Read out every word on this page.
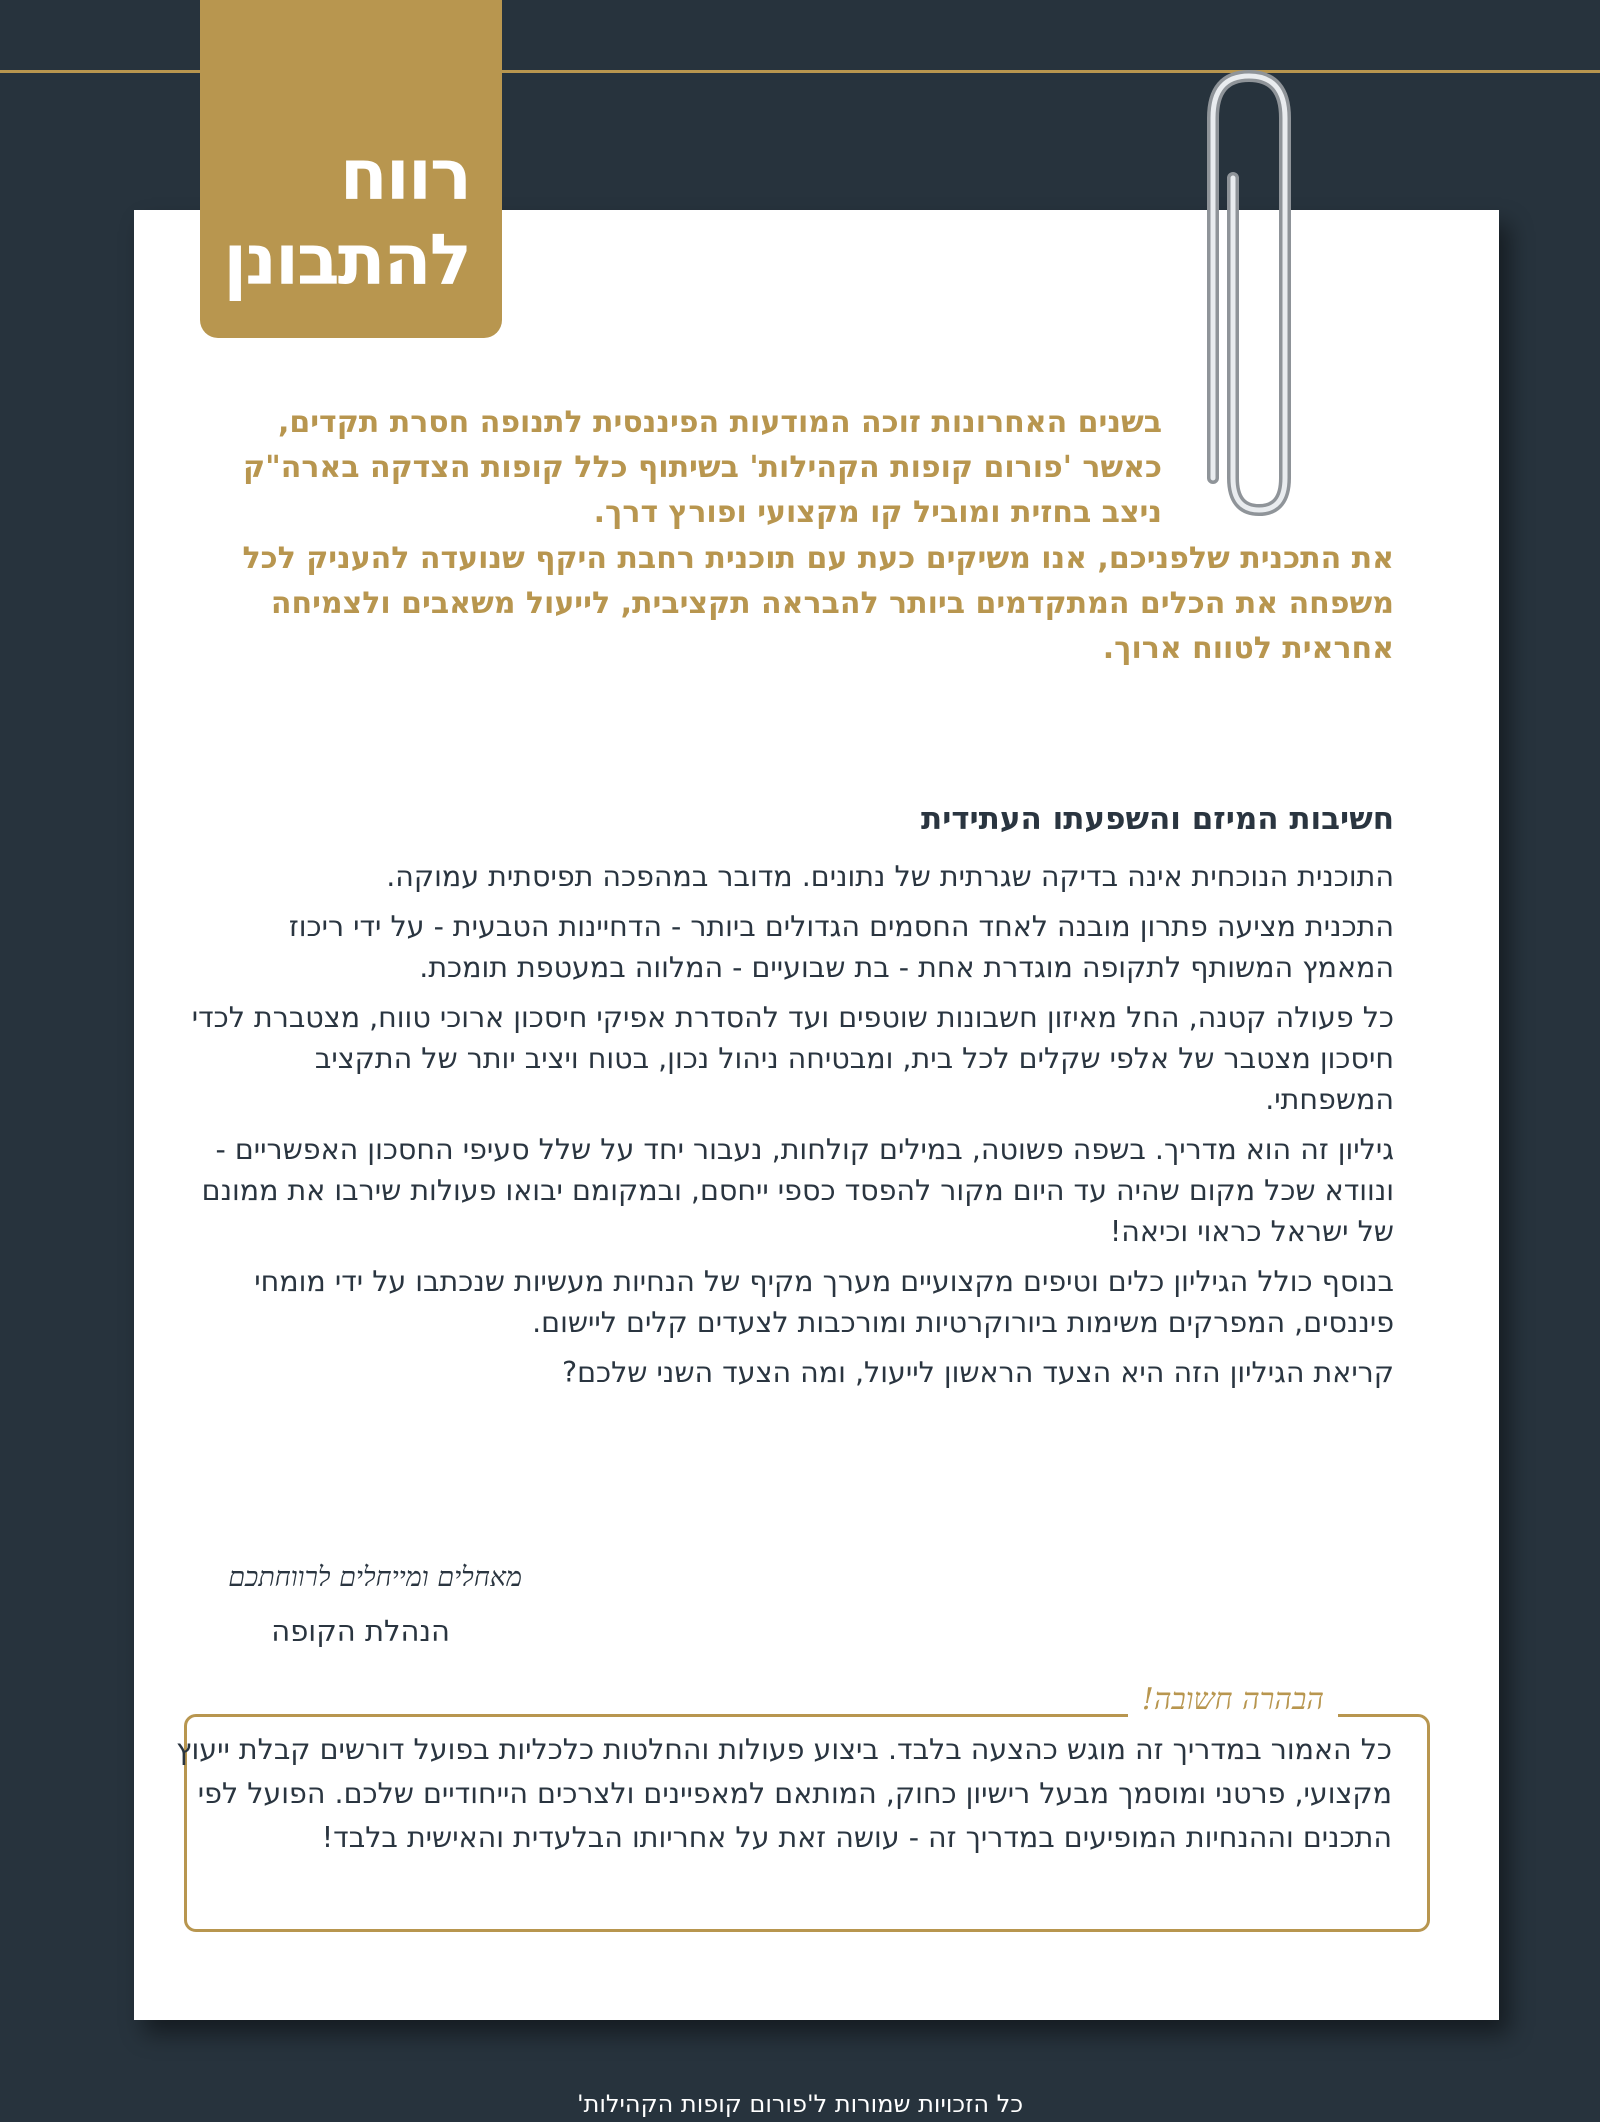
רווח
להתבונן

בשנים האחרונות זוכה המודעות הפיננסית לתנופה חסרת תקדים, כאשר 'פורום קופות הקהילות' בשיתוף כלל קופות הצדקה בארה"ק ניצב בחזית ומוביל קו מקצועי ופורץ דרך.

את התכנית שלפניכם, אנו משיקים כעת עם תוכנית רחבת היקף שנועדה להעניק לכל משפחה את הכלים המתקדמים ביותר להבראה תקציבית, לייעול משאבים ולצמיחה אחראית לטווח ארוך.

חשיבות המיזם והשפעתו העתידית

התוכנית הנוכחית אינה בדיקה שגרתית של נתונים. מדובר במהפכה תפיסתית עמוקה.

התכנית מציעה פתרון מובנה לאחד החסמים הגדולים ביותר - הדחיינות הטבעית - על ידי ריכוז המאמץ המשותף לתקופה מוגדרת אחת - בת שבועיים - המלווה במעטפת תומכת.

כל פעולה קטנה, החל מאיזון חשבונות שוטפים ועד להסדרת אפיקי חיסכון ארוכי טווח, מצטברת לכדי חיסכון מצטבר של אלפי שקלים לכל בית, ומבטיחה ניהול נכון, בטוח ויציב יותר של התקציב המשפחתי.

גיליון זה הוא מדריך. בשפה פשוטה, במילים קולחות, נעבור יחד על שלל סעיפי החסכון האפשריים - ונוודא שכל מקום שהיה עד היום מקור להפסד כספי ייחסם, ובמקומם יבואו פעולות שירבו את ממונם של ישראל כראוי וכיאה!

בנוסף כולל הגיליון כלים וטיפים מקצועיים מערך מקיף של הנחיות מעשיות שנכתבו על ידי מומחי פיננסים, המפרקים משימות ביורוקרטיות ומורכבות לצעדים קלים ליישום.

קריאת הגיליון הזה היא הצעד הראשון לייעול, ומה הצעד השני שלכם?

מאחלים ומייחלים לרווחתכם
הנהלת הקופה
הבהרה חשובה!

כל האמור במדריך זה מוגש כהצעה בלבד. ביצוע פעולות והחלטות כלכליות בפועל דורשים קבלת ייעוץ מקצועי, פרטני ומוסמך מבעל רישיון כחוק, המותאם למאפיינים ולצרכים הייחודיים שלכם. הפועל לפי התכנים וההנחיות המופיעים במדריך זה - עושה זאת על אחריותו הבלעדית והאישית בלבד!

כל הזכויות שמורות ל'פורום קופות הקהילות'
